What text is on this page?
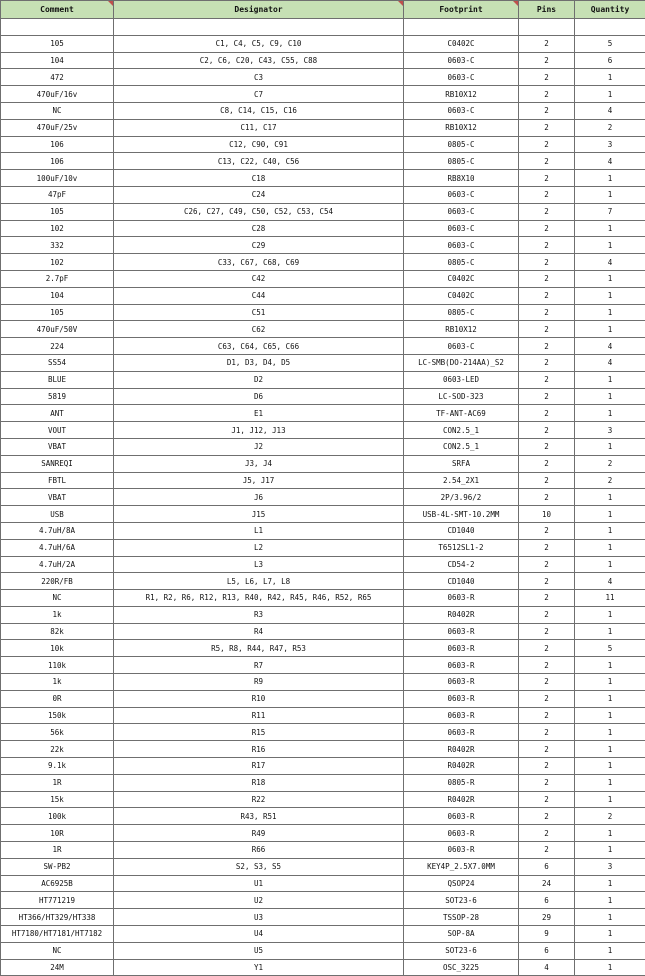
Comment	Designator	Footprint	Pins	Quantity

105	C1, C4, C5, C9, C10	C0402C	2	5
104	C2, C6, C20, C43, C55, C88	0603-C	2	6
472	C3	0603-C	2	1
470uF/16v	C7	RB10X12	2	1
NC	C8, C14, C15, C16	0603-C	2	4
470uF/25v	C11, C17	RB10X12	2	2
106	C12, C90, C91	0805-C	2	3
106	C13, C22, C40, C56	0805-C	2	4
100uF/10v	C18	RB8X10	2	1
47pF	C24	0603-C	2	1
105	C26, C27, C49, C50, C52, C53, C54	0603-C	2	7
102	C28	0603-C	2	1
332	C29	0603-C	2	1
102	C33, C67, C68, C69	0805-C	2	4
2.7pF	C42	C0402C	2	1
104	C44	C0402C	2	1
105	C51	0805-C	2	1
470uF/50V	C62	RB10X12	2	1
224	C63, C64, C65, C66	0603-C	2	4
SS54	D1, D3, D4, D5	LC-SMB(DO-214AA)_S2	2	4
BLUE	D2	0603-LED	2	1
5819	D6	LC-SOD-323	2	1
ANT	E1	TF-ANT-AC69	2	1
VOUT	J1, J12, J13	CON2.5_1	2	3
VBAT	J2	CON2.5_1	2	1
SANREQI	J3, J4	SRFA	2	2
FBTL	J5, J17	2.54_2X1	2	2
VBAT	J6	2P/3.96/2	2	1
USB	J15	USB-4L-SMT-10.2MM	10	1
4.7uH/8A	L1	CD1040	2	1
4.7uH/6A	L2	T6512SL1-2	2	1
4.7uH/2A	L3	CD54-2	2	1
220R/FB	L5, L6, L7, L8	CD1040	2	4
NC	R1, R2, R6, R12, R13, R40, R42, R45, R46, R52, R65	0603-R	2	11
1k	R3	R0402R	2	1
82k	R4	0603-R	2	1
10k	R5, R8, R44, R47, R53	0603-R	2	5
110k	R7	0603-R	2	1
1k	R9	0603-R	2	1
0R	R10	0603-R	2	1
150k	R11	0603-R	2	1
56k	R15	0603-R	2	1
22k	R16	R0402R	2	1
9.1k	R17	R0402R	2	1
1R	R18	0805-R	2	1
15k	R22	R0402R	2	1
100k	R43, R51	0603-R	2	2
10R	R49	0603-R	2	1
1R	R66	0603-R	2	1
SW-PB2	S2, S3, S5	KEY4P_2.5X7.0MM	6	3
AC6925B	U1	QSOP24	24	1
HT771219	U2	SOT23-6	6	1
HT366/HT329/HT338	U3	TSSOP-28	29	1
HT7180/HT7181/HT7182	U4	SOP-8A	9	1
NC	U5	SOT23-6	6	1
24M	Y1	OSC_3225	4	1
